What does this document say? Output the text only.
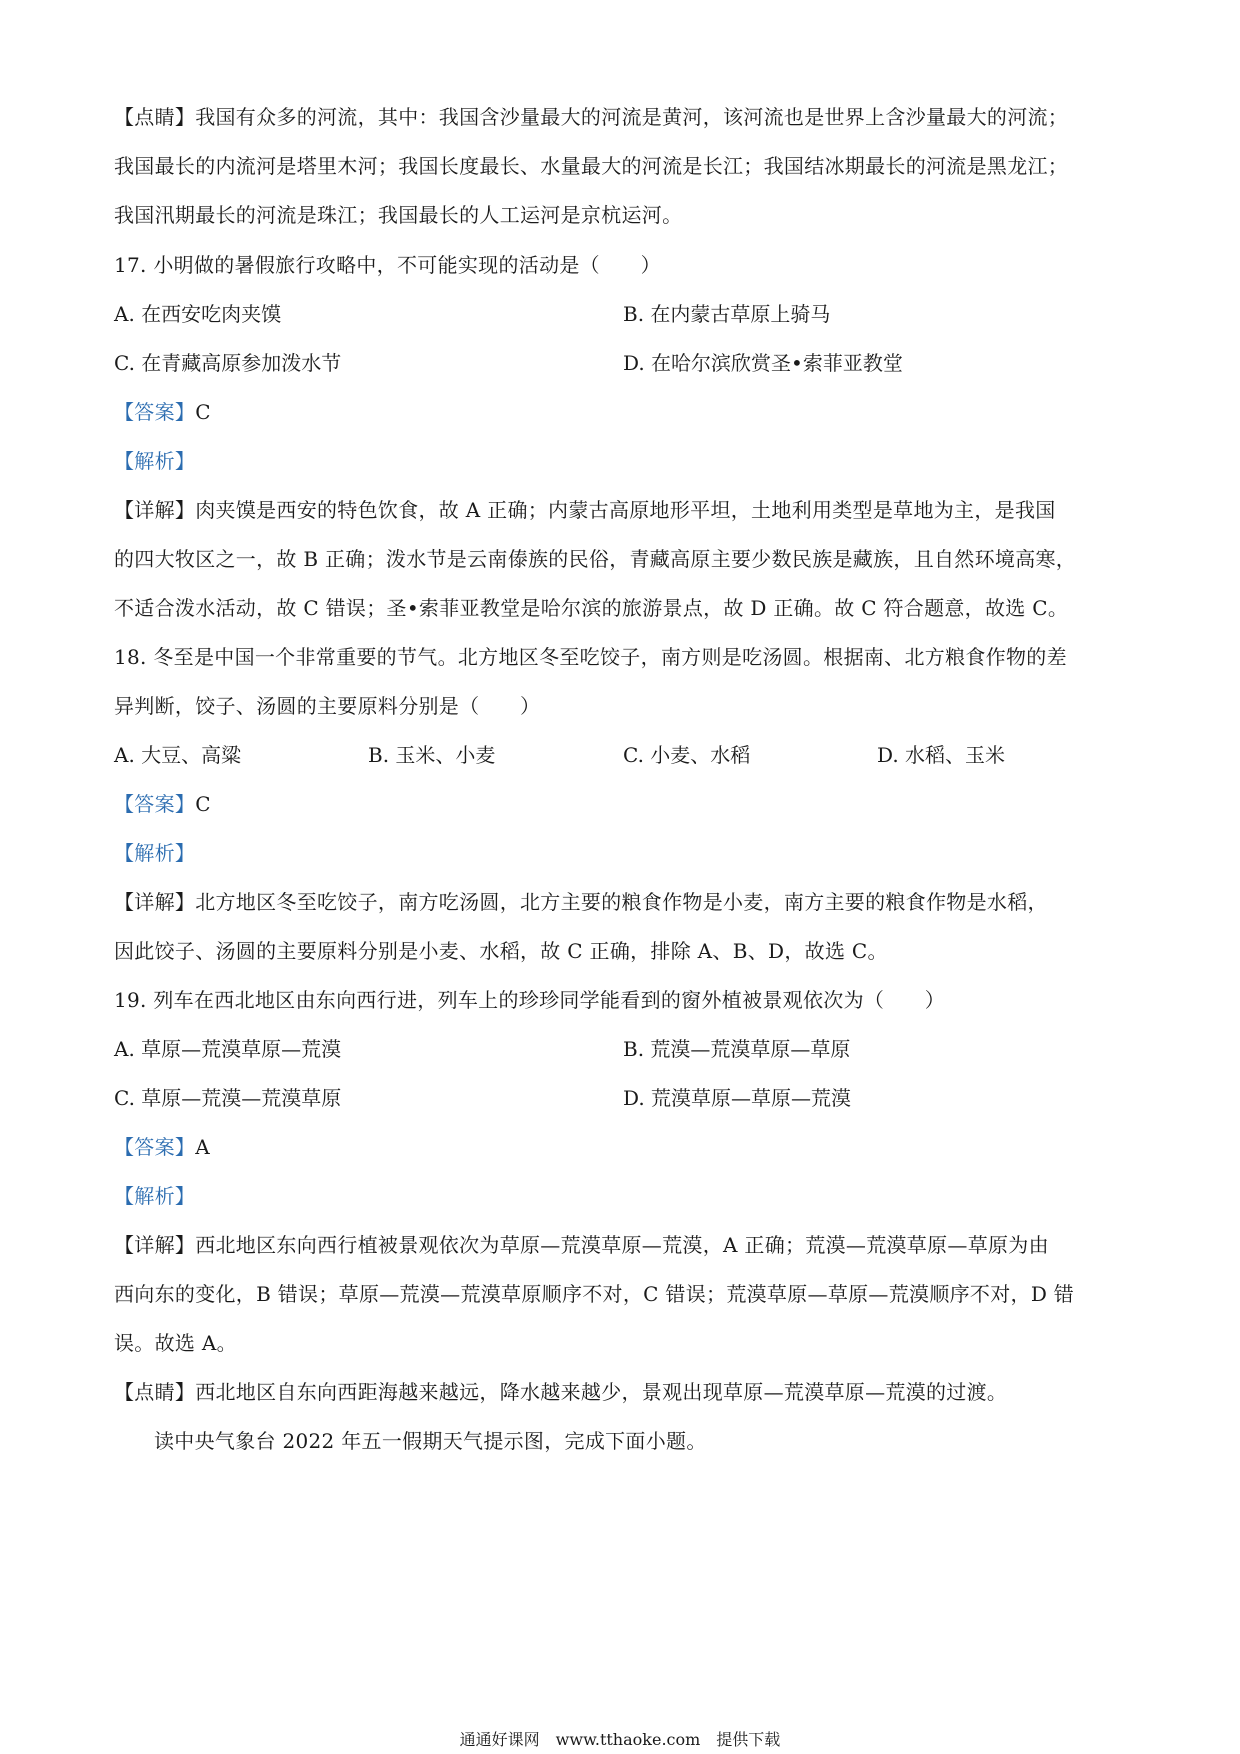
【点睛】我国有众多的河流，其中：我国含沙量最大的河流是黄河，该河流也是世界上含沙量最大的河流；
我国最长的内流河是塔里木河；我国长度最长、水量最大的河流是长江；我国结冰期最长的河流是黑龙江；
我国汛期最长的河流是珠江；我国最长的人工运河是京杭运河。
17. 小明做的暑假旅行攻略中，不可能实现的活动是（　　）
A. 在西安吃肉夹馍	B. 在内蒙古草原上骑马
C. 在青藏高原参加泼水节	D. 在哈尔滨欣赏圣•索菲亚教堂
【答案】C
【解析】
【详解】肉夹馍是西安的特色饮食，故 A 正确；内蒙古高原地形平坦，土地利用类型是草地为主，是我国
的四大牧区之一，故 B 正确；泼水节是云南傣族的民俗，青藏高原主要少数民族是藏族，且自然环境高寒，
不适合泼水活动，故 C 错误；圣•索菲亚教堂是哈尔滨的旅游景点，故 D 正确。故 C 符合题意，故选 C。
18. 冬至是中国一个非常重要的节气。北方地区冬至吃饺子，南方则是吃汤圆。根据南、北方粮食作物的差
异判断，饺子、汤圆的主要原料分别是（　　）
A. 大豆、高粱	B. 玉米、小麦	C. 小麦、水稻	D. 水稻、玉米
【答案】C
【解析】
【详解】北方地区冬至吃饺子，南方吃汤圆，北方主要的粮食作物是小麦，南方主要的粮食作物是水稻，
因此饺子、汤圆的主要原料分别是小麦、水稻，故 C 正确，排除 A、B、D，故选 C。
19. 列车在西北地区由东向西行进，列车上的珍珍同学能看到的窗外植被景观依次为（　　）
A. 草原—荒漠草原—荒漠	B. 荒漠—荒漠草原—草原
C. 草原—荒漠—荒漠草原	D. 荒漠草原—草原—荒漠
【答案】A
【解析】
【详解】西北地区东向西行植被景观依次为草原—荒漠草原—荒漠，A 正确；荒漠—荒漠草原—草原为由
西向东的变化，B 错误；草原—荒漠—荒漠草原顺序不对，C 错误；荒漠草原—草原—荒漠顺序不对，D 错
误。故选 A。
【点睛】西北地区自东向西距海越来越远，降水越来越少，景观出现草原—荒漠草原—荒漠的过渡。
读中央气象台 2022 年五一假期天气提示图，完成下面小题。
通通好课网　www.tthaoke.com　提供下载
